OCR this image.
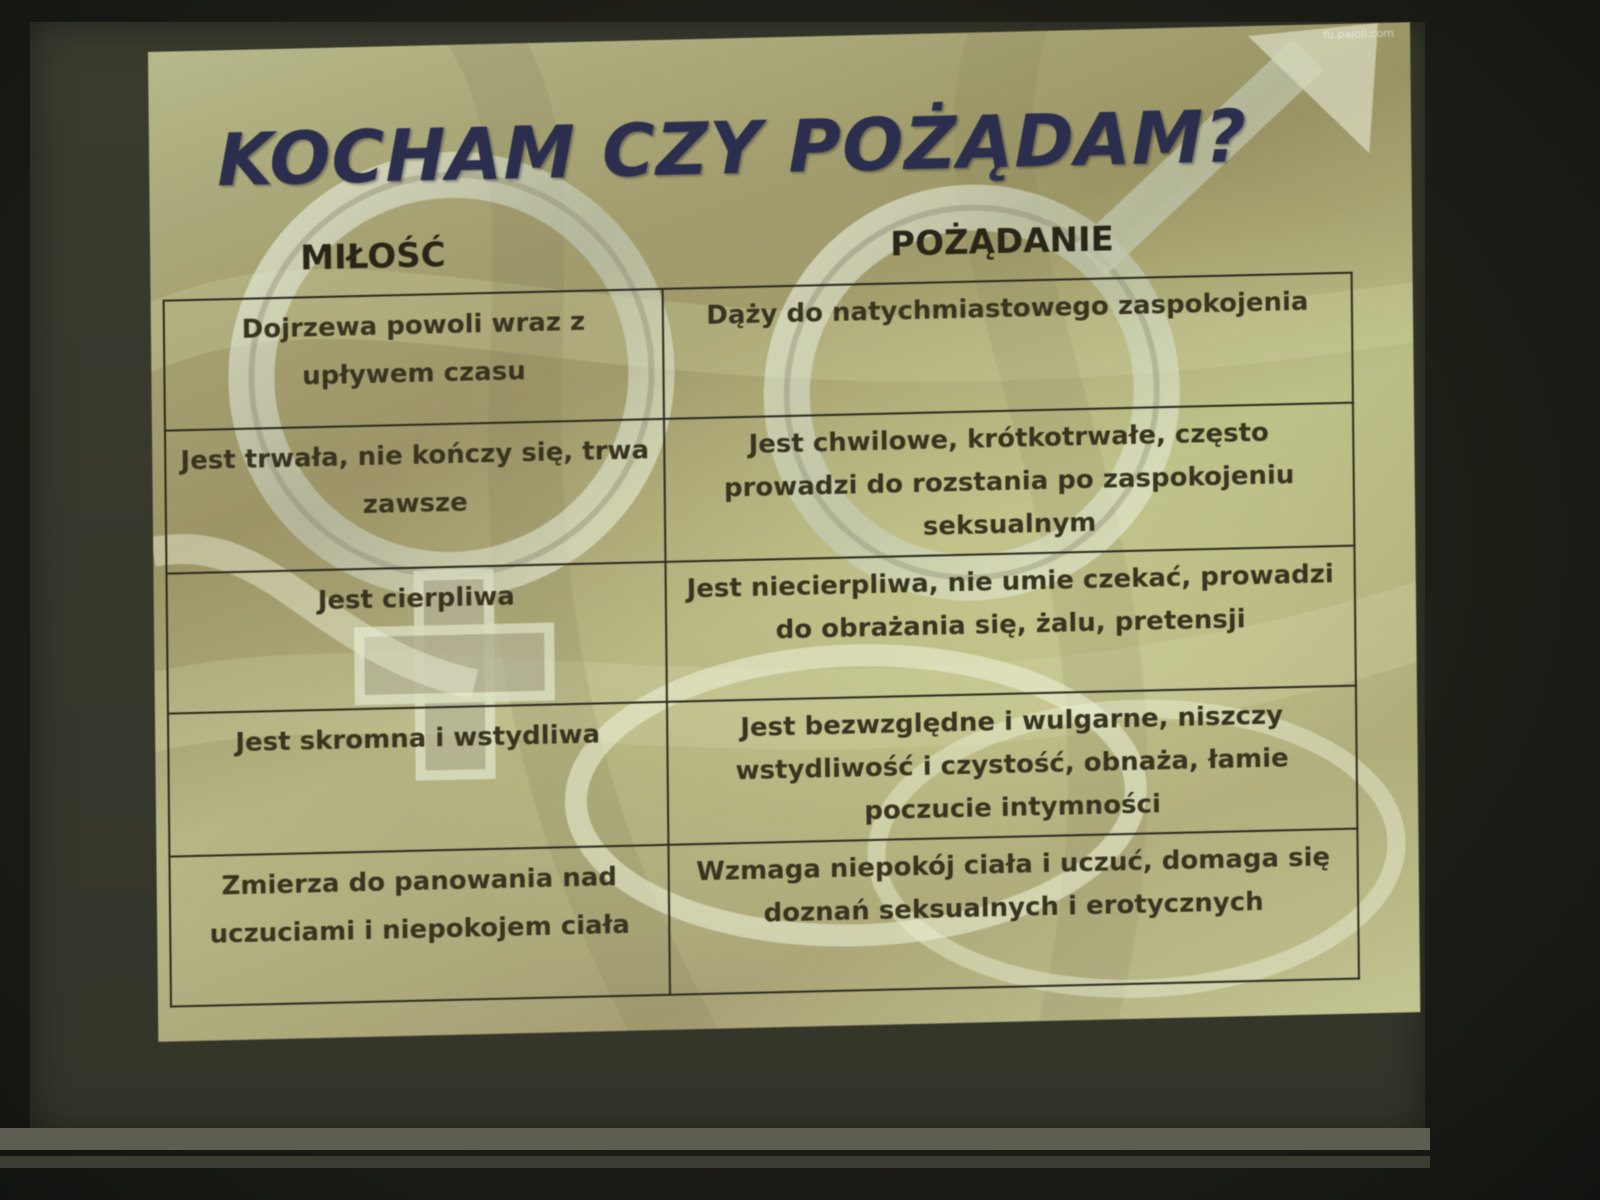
fu.pajoli.com
KOCHAM CZY POŻĄDAM?
MIŁOŚĆ	POŻĄDANIE
Dojrzewa powoli wraz z upływem czasu	Dąży do natychmiastowego zaspokojenia
Jest trwała, nie kończy się, trwa zawsze	Jest chwilowe, krótkotrwałe, często prowadzi do rozstania po zaspokojeniu seksualnym
Jest cierpliwa	Jest niecierpliwa, nie umie czekać, prowadzi do obrażania się, żalu, pretensji
Jest skromna i wstydliwa	Jest bezwzględne i wulgarne, niszczy wstydliwość i czystość, obnaża, łamie poczucie intymności
Zmierza do panowania nad uczuciami i niepokojem ciała	Wzmaga niepokój ciała i uczuć, domaga się doznań seksualnych i erotycznych
